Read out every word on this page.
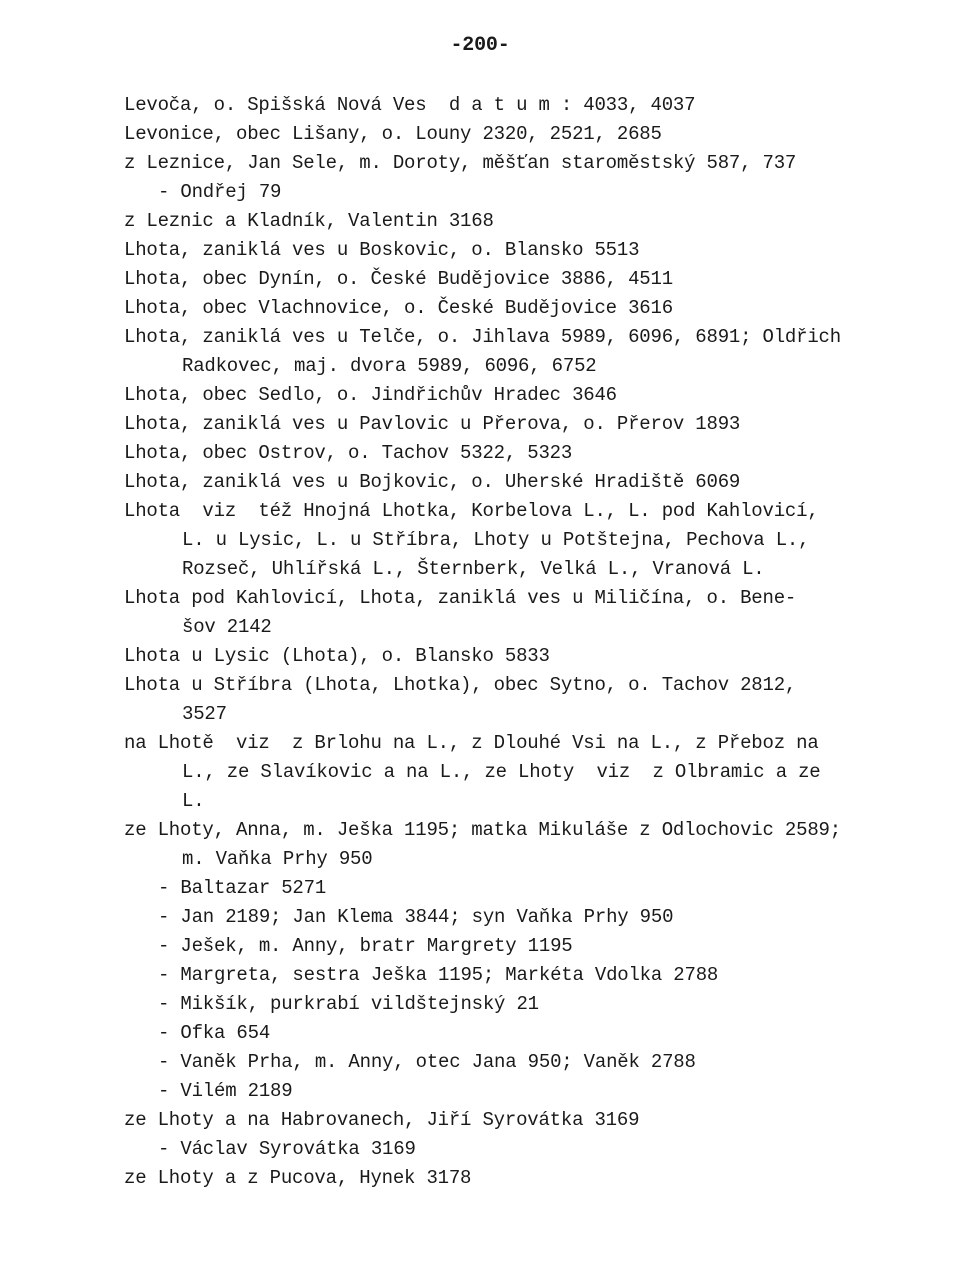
-200-
Levoča, o. Spišská Nová Ves  d a t u m : 4033, 4037
Levonice, obec Lišany, o. Louny 2320, 2521, 2685
z Leznice, Jan Sele, m. Doroty, měšťan staroměstský 587, 737
- Ondřej 79
z Leznic a Kladník, Valentin 3168
Lhota, zaniklá ves u Boskovic, o. Blansko 5513
Lhota, obec Dynín, o. České Budějovice 3886, 4511
Lhota, obec Vlachnovice, o. České Budějovice 3616
Lhota, zaniklá ves u Telče, o. Jihlava 5989, 6096, 6891; Oldřich
Radkovec, maj. dvora 5989, 6096, 6752
Lhota, obec Sedlo, o. Jindřichův Hradec 3646
Lhota, zaniklá ves u Pavlovic u Přerova, o. Přerov 1893
Lhota, obec Ostrov, o. Tachov 5322, 5323
Lhota, zaniklá ves u Bojkovic, o. Uherské Hradiště 6069
Lhota  viz  též Hnojná Lhotka, Korbelova L., L. pod Kahlovicí,
L. u Lysic, L. u Stříbra, Lhoty u Potštejna, Pechova L.,
Rozseč, Uhlířská L., Šternberk, Velká L., Vranová L.
Lhota pod Kahlovicí, Lhota, zaniklá ves u Miličína, o. Bene-
šov 2142
Lhota u Lysic (Lhota), o. Blansko 5833
Lhota u Stříbra (Lhota, Lhotka), obec Sytno, o. Tachov 2812,
3527
na Lhotě  viz  z Brlohu na L., z Dlouhé Vsi na L., z Přeboz na
L., ze Slavíkovic a na L., ze Lhoty  viz  z Olbramic a ze
L.
ze Lhoty, Anna, m. Ješka 1195; matka Mikuláše z Odlochovic 2589;
m. Vaňka Prhy 950
- Baltazar 5271
- Jan 2189; Jan Klema 3844; syn Vaňka Prhy 950
- Ješek, m. Anny, bratr Margrety 1195
- Margreta, sestra Ješka 1195; Markéta Vdolka 2788
- Mikšík, purkrabí vildštejnský 21
- Ofka 654
- Vaněk Prha, m. Anny, otec Jana 950; Vaněk 2788
- Vilém 2189
ze Lhoty a na Habrovanech, Jiří Syrovátka 3169
- Václav Syrovátka 3169
ze Lhoty a z Pucova, Hynek 3178
